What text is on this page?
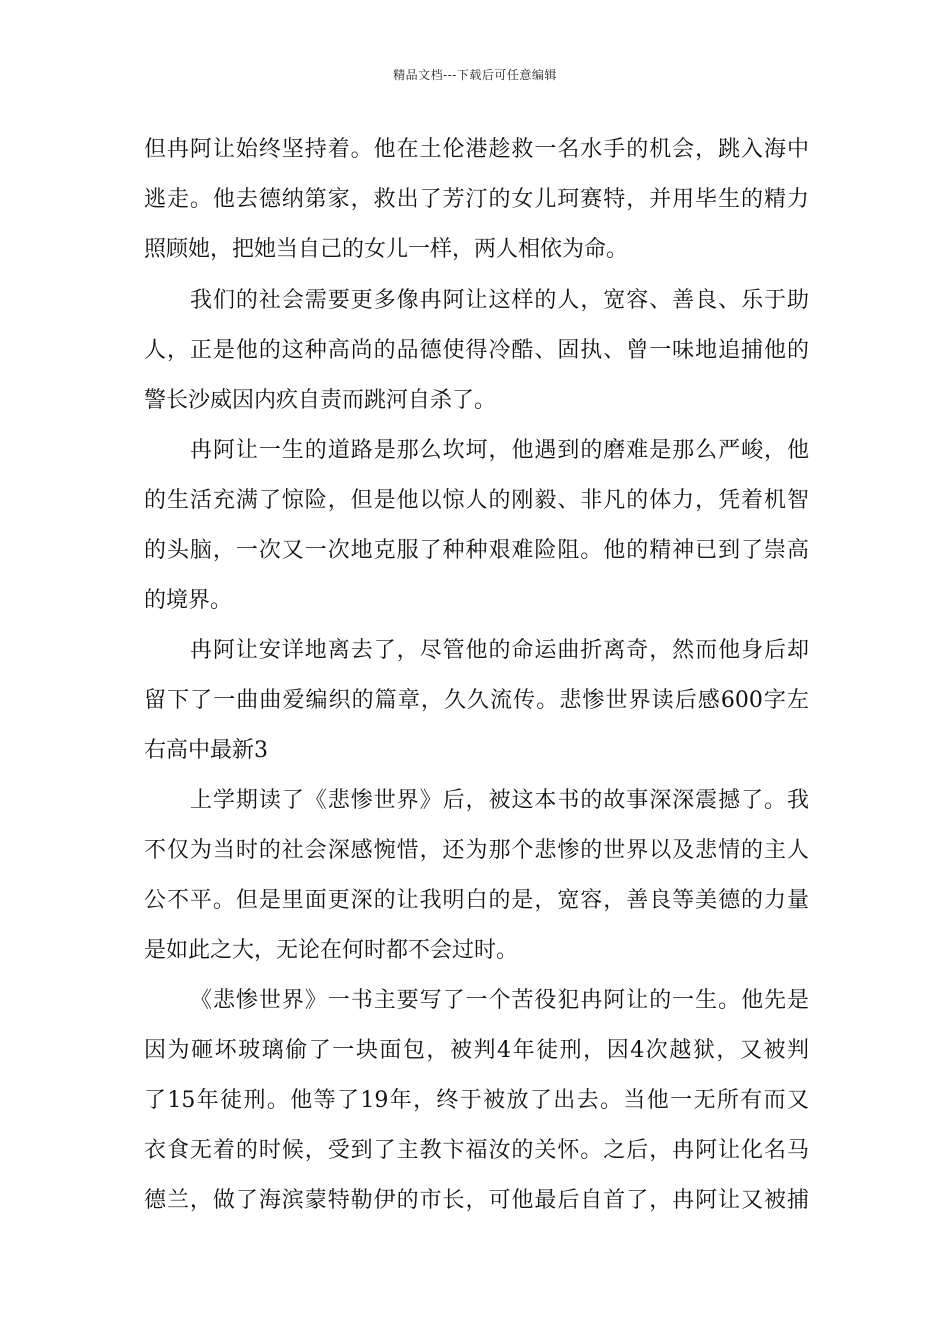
精品文档---下载后可任意编辑
但冉阿让始终坚持着。他在土伦港趁救一名水手的机会，跳入海中
逃走。他去德纳第家，救出了芳汀的女儿珂赛特，并用毕生的精力
照顾她，把她当自己的女儿一样，两人相依为命。
我们的社会需要更多像冉阿让这样的人，宽容、善良、乐于助
人，正是他的这种高尚的品德使得冷酷、固执、曾一味地追捕他的
警长沙威因内疚自责而跳河自杀了。
冉阿让一生的道路是那么坎坷，他遇到的磨难是那么严峻，他
的生活充满了惊险，但是他以惊人的刚毅、非凡的体力，凭着机智
的头脑，一次又一次地克服了种种艰难险阻。他的精神已到了崇高
的境界。
冉阿让安详地离去了，尽管他的命运曲折离奇，然而他身后却
留下了一曲曲爱编织的篇章，久久流传。悲惨世界读后感600字左
右高中最新3
上学期读了《悲惨世界》后，被这本书的故事深深震撼了。我
不仅为当时的社会深感惋惜，还为那个悲惨的世界以及悲情的主人
公不平。但是里面更深的让我明白的是，宽容，善良等美德的力量
是如此之大，无论在何时都不会过时。
《悲惨世界》一书主要写了一个苦役犯冉阿让的一生。他先是
因为砸坏玻璃偷了一块面包，被判4年徒刑，因4次越狱，又被判
了15年徒刑。他等了19年，终于被放了出去。当他一无所有而又
衣食无着的时候，受到了主教卞福汝的关怀。之后，冉阿让化名马
德兰，做了海滨蒙特勒伊的市长，可他最后自首了，冉阿让又被捕
